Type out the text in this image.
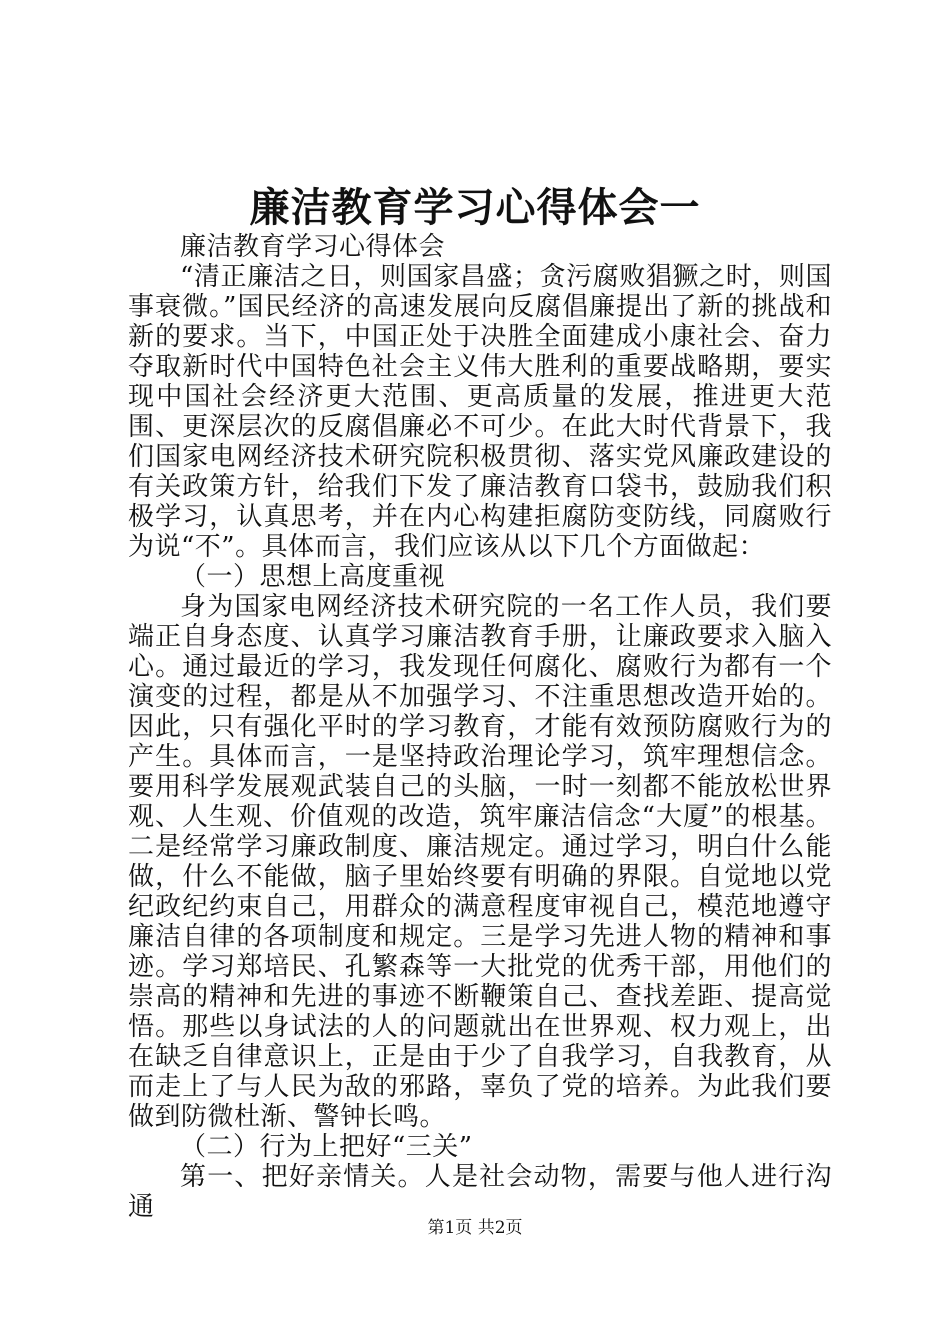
廉洁教育学习心得体会一

廉洁教育学习心得体会

“清正廉洁之日，则国家昌盛；贪污腐败猖獗之时，则国事衰微。”国民经济的高速发展向反腐倡廉提出了新的挑战和新的要求。当下，中国正处于决胜全面建成小康社会、奋力夺取新时代中国特色社会主义伟大胜利的重要战略期，要实现中国社会经济更大范围、更高质量的发展，推进更大范围、更深层次的反腐倡廉必不可少。在此大时代背景下，我们国家电网经济技术研究院积极贯彻、落实党风廉政建设的有关政策方针，给我们下发了廉洁教育口袋书，鼓励我们积极学习，认真思考，并在内心构建拒腐防变防线，同腐败行为说“不”。具体而言，我们应该从以下几个方面做起：

（一）思想上高度重视

身为国家电网经济技术研究院的一名工作人员，我们要端正自身态度、认真学习廉洁教育手册，让廉政要求入脑入心。通过最近的学习，我发现任何腐化、腐败行为都有一个演变的过程，都是从不加强学习、不注重思想改造开始的。因此，只有强化平时的学习教育，才能有效预防腐败行为的产生。具体而言，一是坚持政治理论学习，筑牢理想信念。要用科学发展观武装自己的头脑，一时一刻都不能放松世界观、人生观、价值观的改造，筑牢廉洁信念“大厦”的根基。二是经常学习廉政制度、廉洁规定。通过学习，明白什么能做，什么不能做，脑子里始终要有明确的界限。自觉地以党纪政纪约束自己，用群众的满意程度审视自己，模范地遵守廉洁自律的各项制度和规定。三是学习先进人物的精神和事迹。学习郑培民、孔繁森等一大批党的优秀干部，用他们的崇高的精神和先进的事迹不断鞭策自己、查找差距、提高觉悟。那些以身试法的人的问题就出在世界观、权力观上，出在缺乏自律意识上，正是由于少了自我学习，自我教育，从而走上了与人民为敌的邪路，辜负了党的培养。为此我们要做到防微杜渐、警钟长鸣。

（二）行为上把好“三关”

第一、把好亲情关。人是社会动物，需要与他人进行沟通

第1页 共2页
